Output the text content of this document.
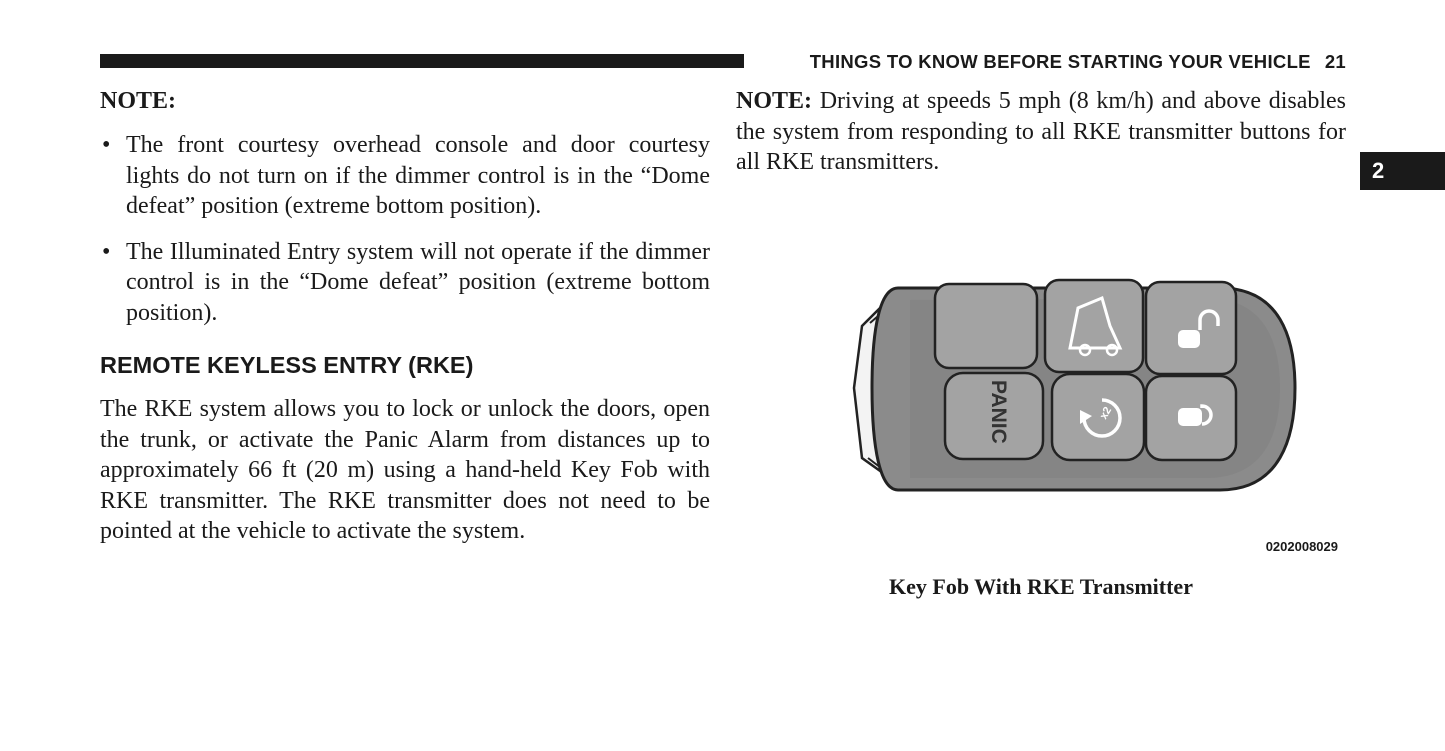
THINGS TO KNOW BEFORE STARTING YOUR VEHICLE 21
2
NOTE:
• The front courtesy overhead console and door courtesy lights do not turn on if the dimmer control is in the “Dome defeat” position (extreme bottom position).
• The Illuminated Entry system will not operate if the dimmer control is in the “Dome defeat” position (extreme bottom position).
REMOTE KEYLESS ENTRY (RKE)

The RKE system allows you to lock or unlock the doors, open the trunk, or activate the Panic Alarm from distances up to approximately 66 ft (20 m) using a hand-held Key Fob with RKE transmitter. The RKE transmitter does not need to be pointed at the vehicle to activate the system.

NOTE: Driving at speeds 5 mph (8 km/h) and above disables the system from responding to all RKE transmitter buttons for all RKE transmitters.

PANIC	x2
0202008029
Key Fob With RKE Transmitter
